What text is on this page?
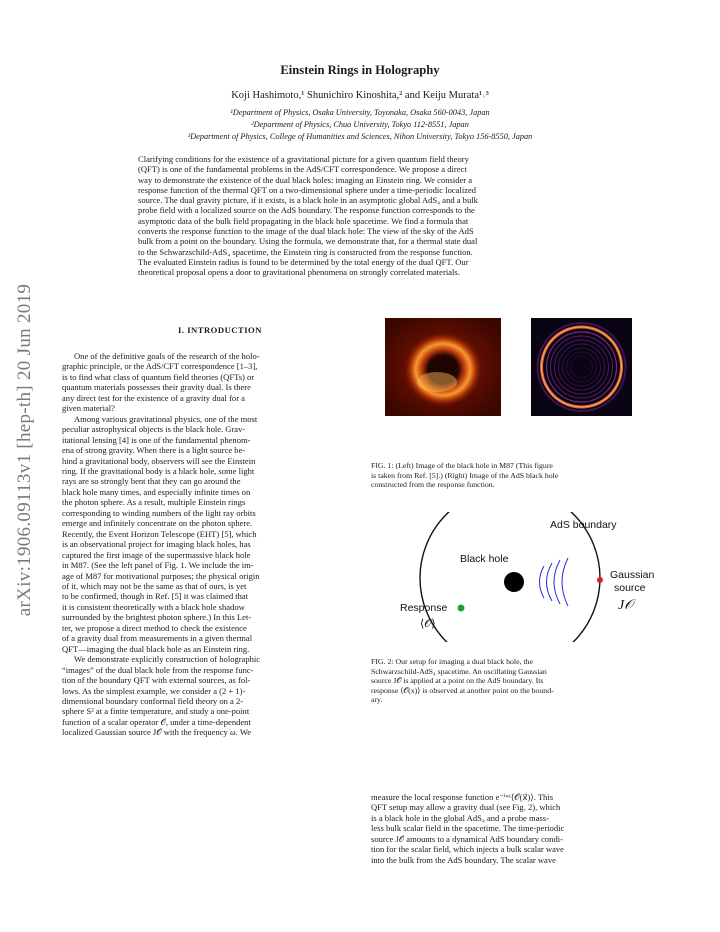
arXiv:1906.09113v1 [hep-th] 20 Jun 2019
Einstein Rings in Holography
Koji Hashimoto,¹ Shunichiro Kinoshita,² and Keiju Murata¹˒³
¹Department of Physics, Osaka University, Toyonaka, Osaka 560-0043, Japan
²Department of Physics, Chuo University, Tokyo 112-8551, Japan
³Department of Physics, College of Humanities and Sciences, Nihon University, Tokyo 156-8550, Japan
Clarifying conditions for the existence of a gravitational picture for a given quantum field theory
(QFT) is one of the fundamental problems in the AdS/CFT correspondence. We propose a direct
way to demonstrate the existence of the dual black holes: imaging an Einstein ring. We consider a
response function of the thermal QFT on a two-dimensional sphere under a time-periodic localized
source. The dual gravity picture, if it exists, is a black hole in an asymptotic global AdS₄ and a bulk
probe field with a localized source on the AdS boundary. The response function corresponds to the
asymptotic data of the bulk field propagating in the black hole spacetime. We find a formula that
converts the response function to the image of the dual black hole: The view of the sky of the AdS
bulk from a point on the boundary. Using the formula, we demonstrate that, for a thermal state dual
to the Schwarzschild-AdS₄ spacetime, the Einstein ring is constructed from the response function.
The evaluated Einstein radius is found to be determined by the total energy of the dual QFT. Our
theoretical proposal opens a door to gravitational phenomena on strongly correlated materials.
I. INTRODUCTION
One of the definitive goals of the research of the holo-
graphic principle, or the AdS/CFT correspondence [1–3],
is to find what class of quantum field theories (QFTs) or
quantum materials possesses their gravity dual. Is there
any direct test for the existence of a gravity dual for a
given material?
Among various gravitational physics, one of the most
peculiar astrophysical objects is the black hole. Grav-
itational lensing [4] is one of the fundamental phenom-
ena of strong gravity. When there is a light source be-
hind a gravitational body, observers will see the Einstein
ring. If the gravitational body is a black hole, some light
rays are so strongly bent that they can go around the
black hole many times, and especially infinite times on
the photon sphere. As a result, multiple Einstein rings
corresponding to winding numbers of the light ray orbits
emerge and infinitely concentrate on the photon sphere.
Recently, the Event Horizon Telescope (EHT) [5], which
is an observational project for imaging black holes, has
captured the first image of the supermassive black hole
in M87. (See the left panel of Fig. 1. We include the im-
age of M87 for motivational purposes; the physical origin
of it, which may not be the same as that of ours, is yet
to be confirmed, though in Ref. [5] it was claimed that
it is consistent theoretically with a black hole shadow
surrounded by the brightest photon sphere.) In this Let-
ter, we propose a direct method to check the existence
of a gravity dual from measurements in a given thermal
QFT—imaging the dual black hole as an Einstein ring.
We demonstrate explicitly construction of holographic
“images” of the dual black hole from the response func-
tion of the boundary QFT with external sources, as fol-
lows. As the simplest example, we consider a (2 + 1)-
dimensional boundary conformal field theory on a 2-
sphere S² at a finite temperature, and study a one-point
function of a scalar operator 𝒪, under a time-dependent
localized Gaussian source J𝒪 with the frequency ω. We
FIG. 1: (Left) Image of the black hole in M87 (This figure
is taken from Ref. [5].) (Right) Image of the AdS black hole
constructed from the response function.
AdS boundary
Black hole
Gaussian
source
J𝒪
Response
⟨𝒪⟩
FIG. 2: Our setup for imaging a dual black hole, the
Schwarzschild-AdS₄ spacetime. An oscillating Gaussian
source J𝒪 is applied at a point on the AdS boundary. Its
response ⟨𝒪(x)⟩ is observed at another point on the bound-
ary.
measure the local response function e⁻ⁱʷᵗ⟨𝒪(x⃗)⟩. This
QFT setup may allow a gravity dual (see Fig. 2), which
is a black hole in the global AdS₄ and a probe mass-
less bulk scalar field in the spacetime. The time-periodic
source J𝒪 amounts to a dynamical AdS boundary condi-
tion for the scalar field, which injects a bulk scalar wave
into the bulk from the AdS boundary. The scalar wave
